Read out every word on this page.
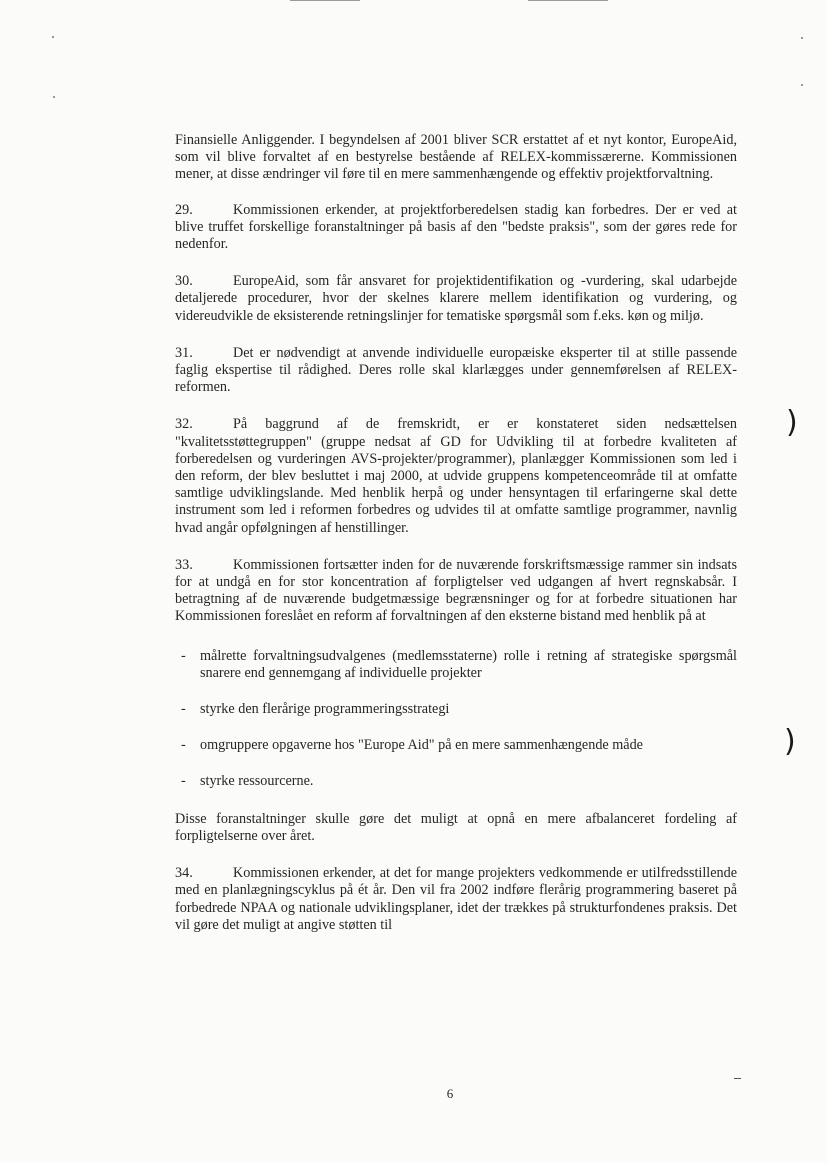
)
)

Finansielle Anliggender. I begyndelsen af 2001 bliver SCR erstattet af et nyt kontor, EuropeAid, som vil blive forvaltet af en bestyrelse bestående af RELEX-kommissærerne. Kommissionen mener, at disse ændringer vil føre til en mere sammenhængende og effektiv projektforvaltning.

29.	Kommissionen erkender, at projektforberedelsen stadig kan forbedres. Der er ved at blive truffet forskellige foranstaltninger på basis af den "bedste praksis", som der gøres rede for nedenfor.

30.	EuropeAid, som får ansvaret for projektidentifikation og -vurdering, skal udarbejde detaljerede procedurer, hvor der skelnes klarere mellem identifikation og vurdering, og videreudvikle de eksisterende retningslinjer for tematiske spørgsmål som f.eks. køn og miljø.

31.	Det er nødvendigt at anvende individuelle europæiske eksperter til at stille passende faglig ekspertise til rådighed. Deres rolle skal klarlægges under gennemførelsen af RELEX-reformen.

32.	På baggrund af de fremskridt, er er konstateret siden nedsættelsen "kvalitetsstøttegruppen" (gruppe nedsat af GD for Udvikling til at forbedre kvaliteten af forberedelsen og vurderingen AVS-projekter/programmer), planlægger Kommissionen som led i den reform, der blev besluttet i maj 2000, at udvide gruppens kompetenceområde til at omfatte samtlige udviklingslande. Med henblik herpå og under hensyntagen til erfaringerne skal dette instrument som led i reformen forbedres og udvides til at omfatte samtlige programmer, navnlig hvad angår opfølgningen af henstillinger.

33.	Kommissionen fortsætter inden for de nuværende forskriftsmæssige rammer sin indsats for at undgå en for stor koncentration af forpligtelser ved udgangen af hvert regnskabsår. I betragtning af de nuværende budgetmæssige begrænsninger og for at forbedre situationen har Kommissionen foreslået en reform af forvaltningen af den eksterne bistand med henblik på at

- målrette forvaltningsudvalgenes (medlemsstaterne) rolle i retning af strategiske spørgsmål snarere end gennemgang af individuelle projekter
- styrke den flerårige programmeringsstrategi
- omgruppere opgaverne hos "Europe Aid" på en mere sammenhængende måde
- styrke ressourcerne.

Disse foranstaltninger skulle gøre det muligt at opnå en mere afbalanceret fordeling af forpligtelserne over året.

34.	Kommissionen erkender, at det for mange projekters vedkommende er utilfredsstillende med en planlægningscyklus på ét år. Den vil fra 2002 indføre flerårig programmering baseret på forbedrede NPAA og nationale udviklingsplaner, idet der trækkes på strukturfondenes praksis. Det vil gøre det muligt at angive støtten til

6
